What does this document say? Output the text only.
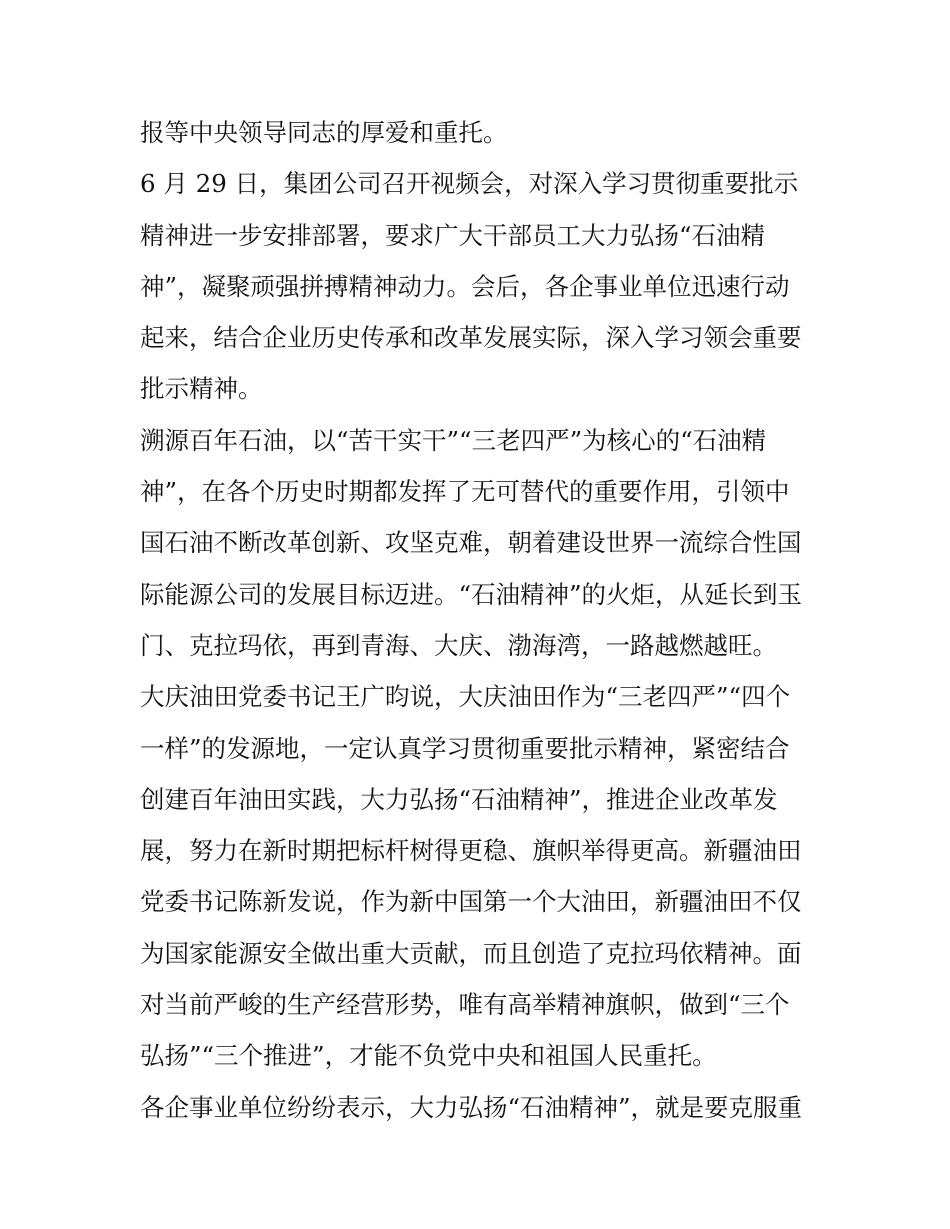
报等中央领导同志的厚爱和重托。
6 月 29 日，集团公司召开视频会，对深入学习贯彻重要批示
精神进一步安排部署，要求广大干部员工大力弘扬“石油精
神”，凝聚顽强拼搏精神动力。会后，各企事业单位迅速行动
起来，结合企业历史传承和改革发展实际，深入学习领会重要
批示精神。
溯源百年石油，以“苦干实干”“三老四严”为核心的“石油精
神”，在各个历史时期都发挥了无可替代的重要作用，引领中
国石油不断改革创新、攻坚克难，朝着建设世界一流综合性国
际能源公司的发展目标迈进。“石油精神”的火炬，从延长到玉
门、克拉玛依，再到青海、大庆、渤海湾，一路越燃越旺。
大庆油田党委书记王广昀说，大庆油田作为“三老四严”“四个
一样”的发源地，一定认真学习贯彻重要批示精神，紧密结合
创建百年油田实践，大力弘扬“石油精神”，推进企业改革发
展，努力在新时期把标杆树得更稳、旗帜举得更高。新疆油田
党委书记陈新发说，作为新中国第一个大油田，新疆油田不仅
为国家能源安全做出重大贡献，而且创造了克拉玛依精神。面
对当前严峻的生产经营形势，唯有高举精神旗帜，做到“三个
弘扬”“三个推进”，才能不负党中央和祖国人民重托。
各企事业单位纷纷表示，大力弘扬“石油精神”，就是要克服重
